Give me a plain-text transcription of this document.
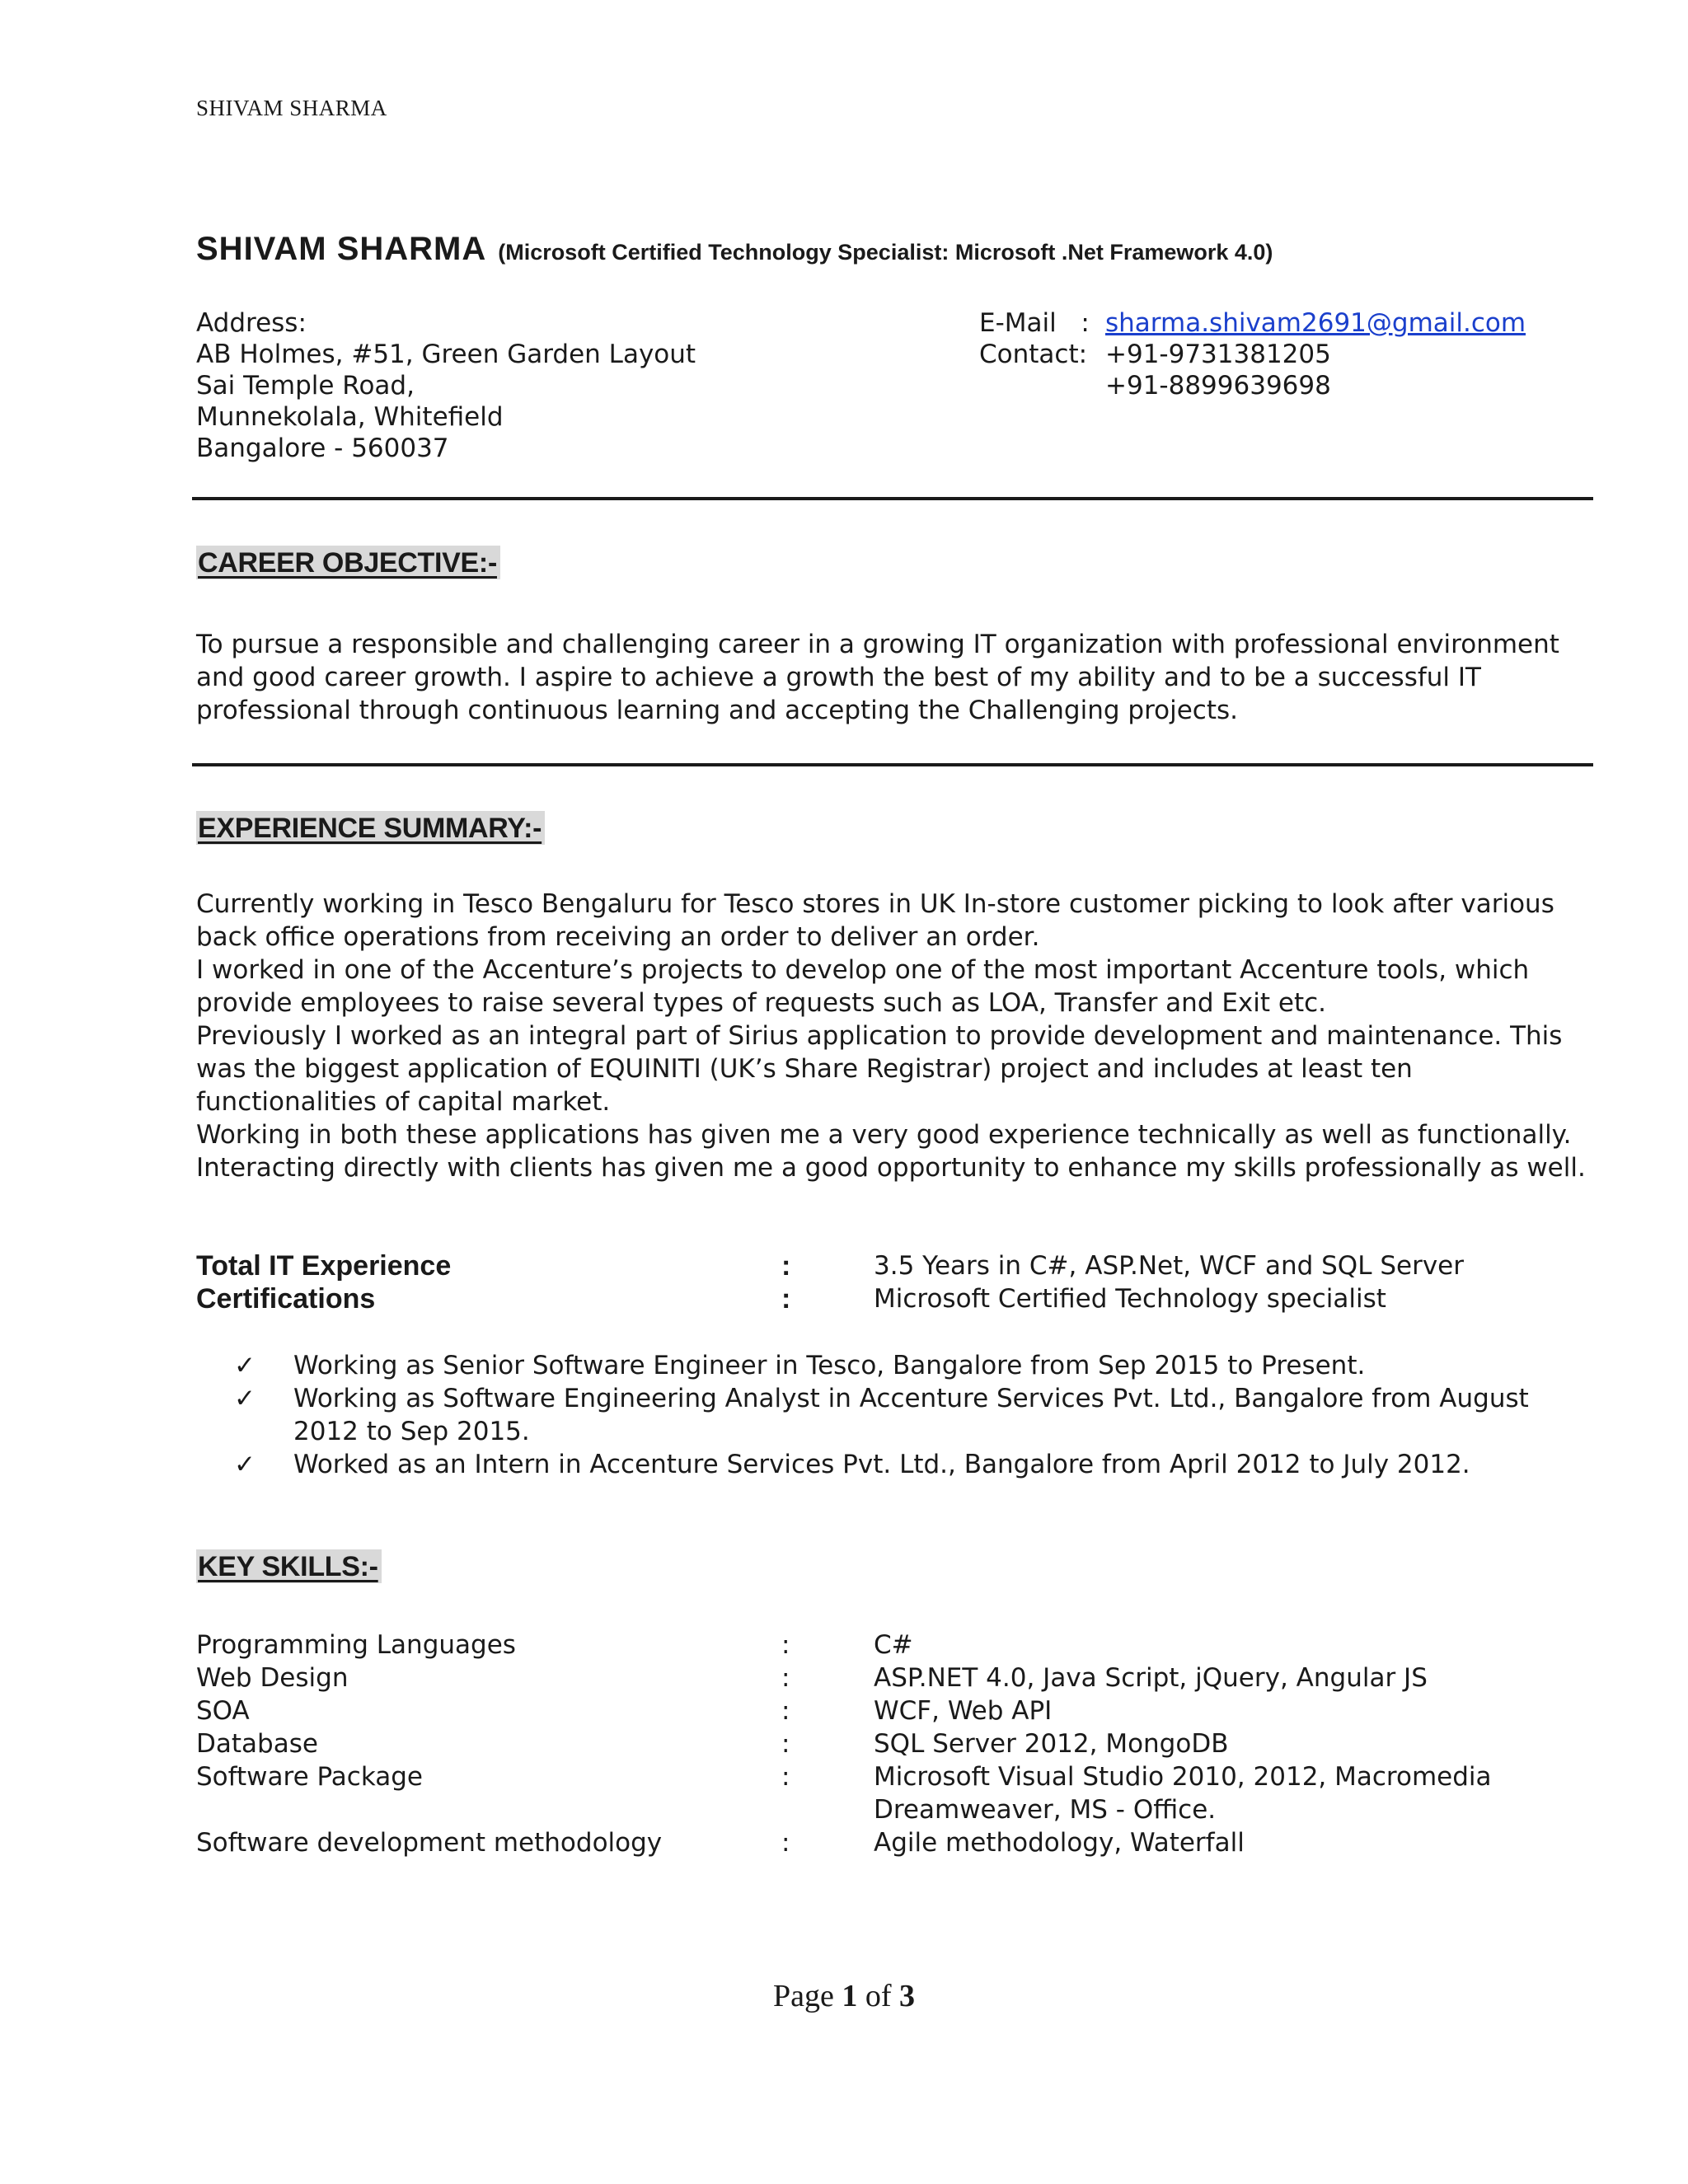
SHIVAM SHARMA
SHIVAM SHARMA (Microsoft Certified Technology Specialist: Microsoft .Net Framework 4.0)
Address:
AB Holmes, #51, Green Garden Layout
Sai Temple Road,
Munnekolala, Whitefield
Bangalore - 560037
E-Mail : sharma.shivam2691@gmail.com
Contact: +91-9731381205
+91-8899639698
CAREER OBJECTIVE:-

To pursue a responsible and challenging career in a growing IT organization with professional environment and good career growth. I aspire to achieve a growth the best of my ability and to be a successful IT professional through continuous learning and accepting the Challenging projects.

EXPERIENCE SUMMARY:-

Currently working in Tesco Bengaluru for Tesco stores in UK In-store customer picking to look after various back office operations from receiving an order to deliver an order.

I worked in one of the Accenture’s projects to develop one of the most important Accenture tools, which provide employees to raise several types of requests such as LOA, Transfer and Exit etc.

Previously I worked as an integral part of Sirius application to provide development and maintenance. This was the biggest application of EQUINITI (UK’s Share Registrar) project and includes at least ten functionalities of capital market.

Working in both these applications has given me a very good experience technically as well as functionally. Interacting directly with clients has given me a good opportunity to enhance my skills professionally as well.

Total IT Experience	:	3.5 Years in C#, ASP.Net, WCF and SQL Server
Certifications	:	Microsoft Certified Technology specialist
✓	Working as Senior Software Engineer in Tesco, Bangalore from Sep 2015 to Present.
✓	Working as Software Engineering Analyst in Accenture Services Pvt. Ltd., Bangalore from August 2012 to Sep 2015.
✓	Worked as an Intern in Accenture Services Pvt. Ltd., Bangalore from April 2012 to July 2012.
KEY SKILLS:-
Programming Languages	:	C#
Web Design	:	ASP.NET 4.0, Java Script, jQuery, Angular JS
SOA	:	WCF, Web API
Database	:	SQL Server 2012, MongoDB
Software Package	:	Microsoft Visual Studio 2010, 2012, Macromedia Dreamweaver, MS - Office.
Software development methodology	:	Agile methodology, Waterfall
Page 1 of 3
